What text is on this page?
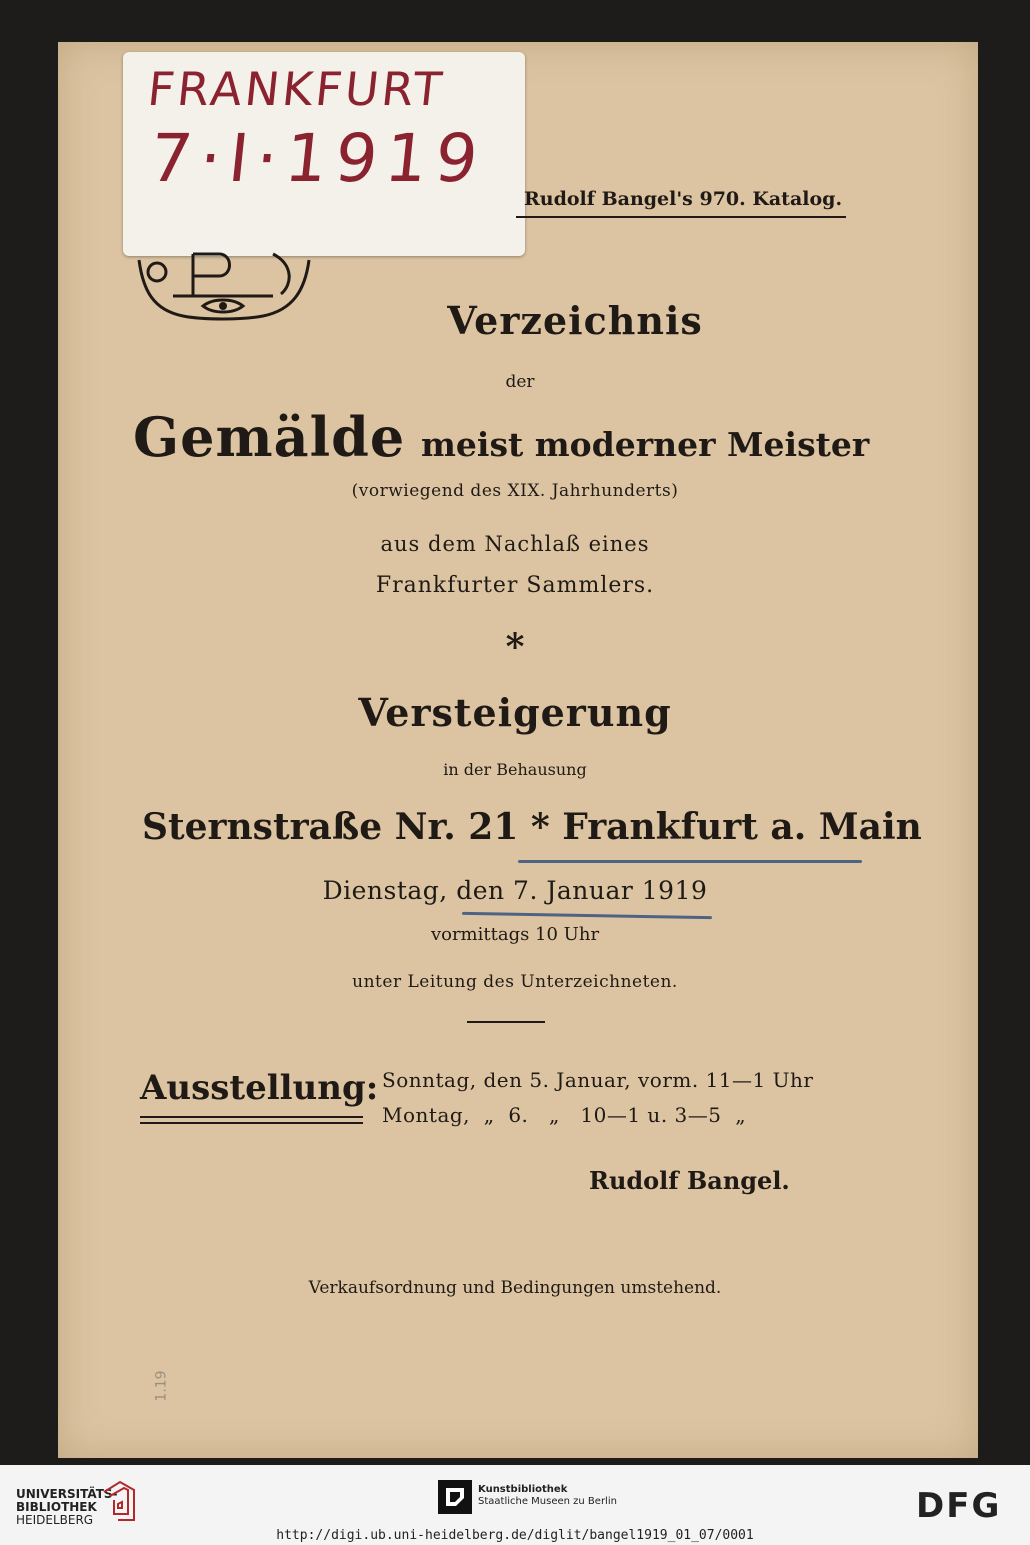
FRANKFURT
7·I·1919
Rudolf Bangel's 970. Katalog.
Verzeichnis
der
Gemälde meist moderner Meister
(vorwiegend des XIX. Jahrhunderts)
aus dem Nachlaß eines
Frankfurter Sammlers.
*
Versteigerung
in der Behausung
Sternstraße Nr. 21 * Frankfurt a. Main
Dienstag, den 7. Januar 1919
vormittags 10 Uhr
unter Leitung des Unterzeichneten.
Ausstellung: Sonntag, den 5. Januar, vorm. 11—1 Uhr
Montag,  „  6.   „   10—1 u. 3—5  „
Rudolf Bangel.
Verkaufsordnung und Bedingungen umstehend.
1.19
UNIVERSITÄTS-
BIBLIOTHEK
HEIDELBERG
Kunstbibliothek
Staatliche Museen zu Berlin	DFG
http://digi.ub.uni-heidelberg.de/diglit/bangel1919_01_07/0001
